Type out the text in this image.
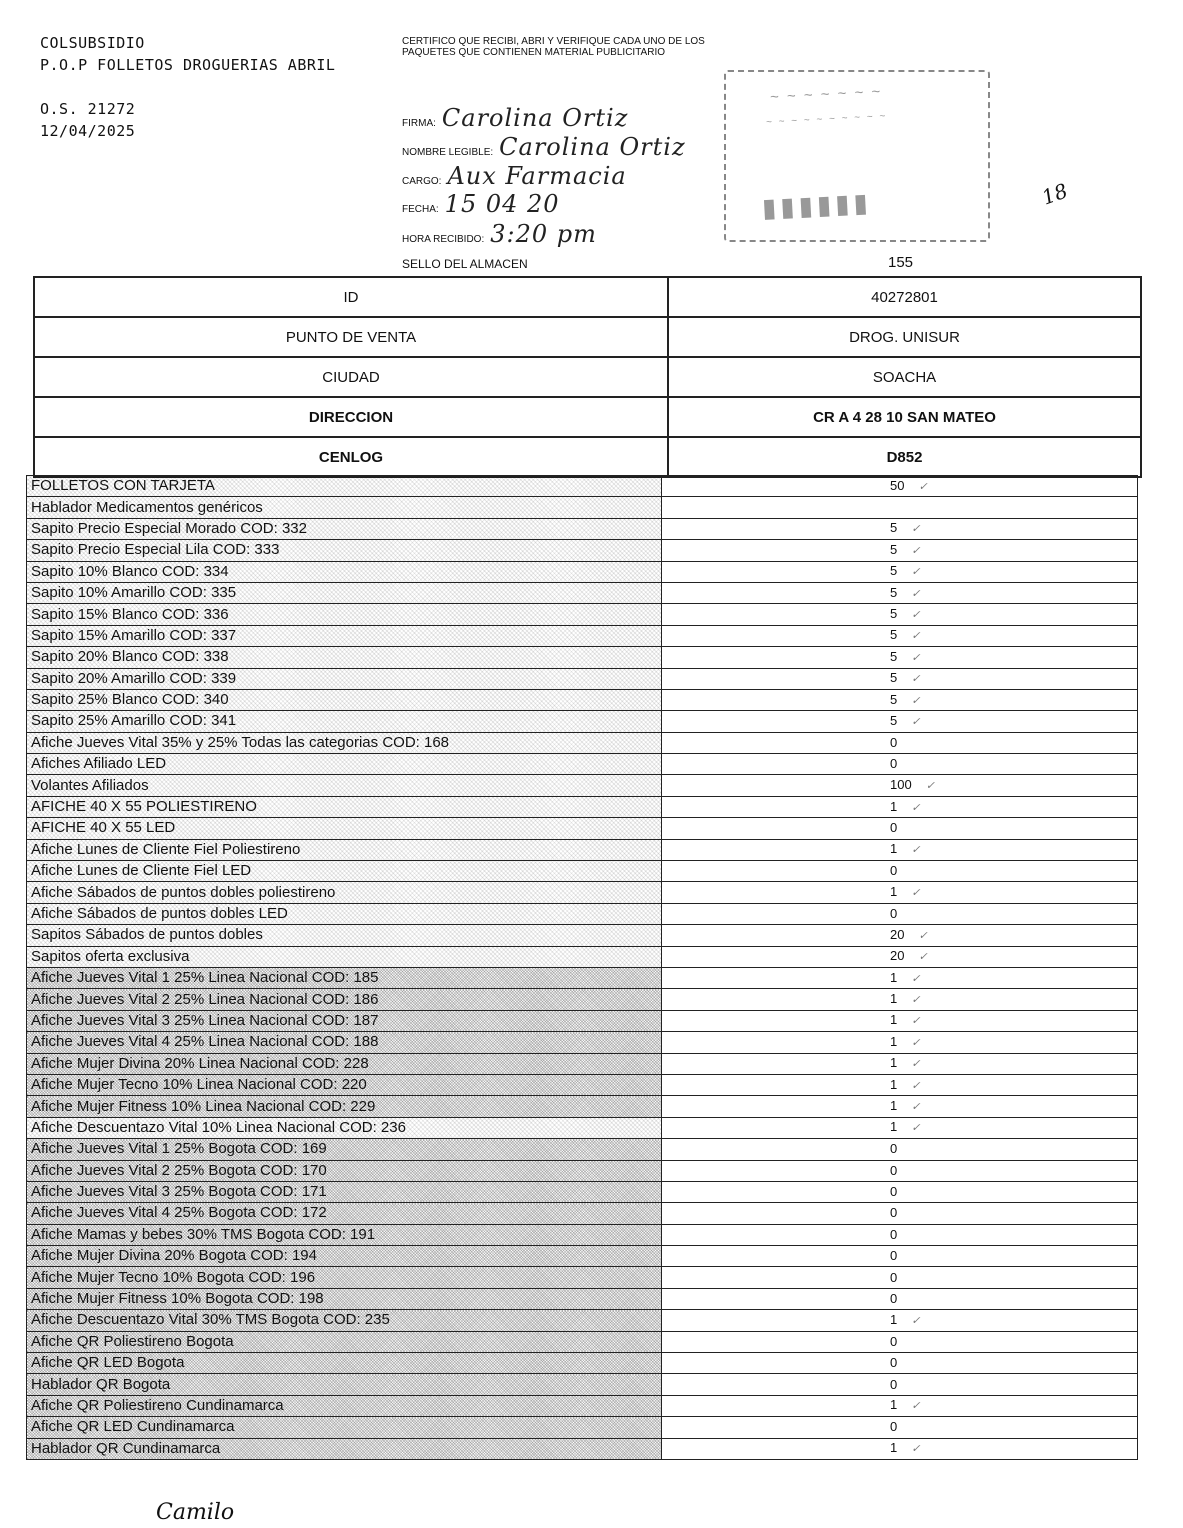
COLSUBSIDIO
P.O.P FOLLETOS DROGUERIAS ABRIL
O.S. 21272
12/04/2025
CERTIFICO QUE RECIBI, ABRI Y VERIFIQUE CADA UNO DE LOS PAQUETES QUE CONTIENEN MATERIAL PUBLICITARIO
FIRMA: Carolina Ortiz
NOMBRE LEGIBLE: Carolina Ortiz
CARGO: Aux Farmacia
FECHA: 15 04 20
HORA RECIBIDO: 3:20 pm
~ ~ ~ ~ ~ ~ ~
~ ~ ~ ~ ~ ~ ~ ~ ~ ~
▮▮▮▮▮▮	18
SELLO DEL ALMACEN	155
ID	40272801
PUNTO DE VENTA	DROG. UNISUR
CIUDAD	SOACHA
DIRECCION	CR A 4 28 10 SAN MATEO
CENLOG	D852
FOLLETOS CON TARJETA	50 ✓
Hablador Medicamentos genéricos	
Sapito Precio Especial Morado COD: 332	5 ✓
Sapito Precio Especial Lila COD: 333	5 ✓
Sapito 10% Blanco COD: 334	5 ✓
Sapito 10% Amarillo COD: 335	5 ✓
Sapito 15% Blanco COD: 336	5 ✓
Sapito 15% Amarillo COD: 337	5 ✓
Sapito 20% Blanco COD: 338	5 ✓
Sapito 20% Amarillo COD: 339	5 ✓
Sapito 25% Blanco COD: 340	5 ✓
Sapito 25% Amarillo COD: 341	5 ✓
Afiche Jueves Vital 35% y 25% Todas las categorias COD: 168	0
Afiches Afiliado LED	0
Volantes Afiliados	100 ✓
AFICHE 40 X 55 POLIESTIRENO	1 ✓
AFICHE 40 X 55 LED	0
Afiche Lunes de Cliente Fiel Poliestireno	1 ✓
Afiche Lunes de Cliente Fiel LED	0
Afiche Sábados de puntos dobles poliestireno	1 ✓
Afiche Sábados de puntos dobles LED	0
Sapitos Sábados de puntos dobles	20 ✓
Sapitos oferta exclusiva	20 ✓
Afiche Jueves Vital 1 25% Linea Nacional COD: 185	1 ✓
Afiche Jueves Vital 2 25% Linea Nacional COD: 186	1 ✓
Afiche Jueves Vital 3 25% Linea Nacional COD: 187	1 ✓
Afiche Jueves Vital 4 25% Linea Nacional COD: 188	1 ✓
Afiche Mujer Divina 20% Linea Nacional COD: 228	1 ✓
Afiche Mujer Tecno 10% Linea Nacional COD: 220	1 ✓
Afiche Mujer Fitness 10% Linea Nacional COD: 229	1 ✓
Afiche Descuentazo Vital 10% Linea Nacional COD: 236	1 ✓
Afiche Jueves Vital 1 25% Bogota COD: 169	0
Afiche Jueves Vital 2 25% Bogota COD: 170	0
Afiche Jueves Vital 3 25% Bogota COD: 171	0
Afiche Jueves Vital 4 25% Bogota COD: 172	0
Afiche Mamas y bebes 30% TMS Bogota COD: 191	0
Afiche Mujer Divina 20% Bogota COD: 194	0
Afiche Mujer Tecno 10% Bogota COD: 196	0
Afiche Mujer Fitness 10% Bogota COD: 198	0
Afiche Descuentazo Vital 30% TMS Bogota COD: 235	1 ✓
Afiche QR Poliestireno Bogota	0
Afiche QR LED Bogota	0
Hablador QR Bogota	0
Afiche QR Poliestireno Cundinamarca	1 ✓
Afiche QR LED Cundinamarca	0
Hablador QR Cundinamarca	1 ✓
Camilo
